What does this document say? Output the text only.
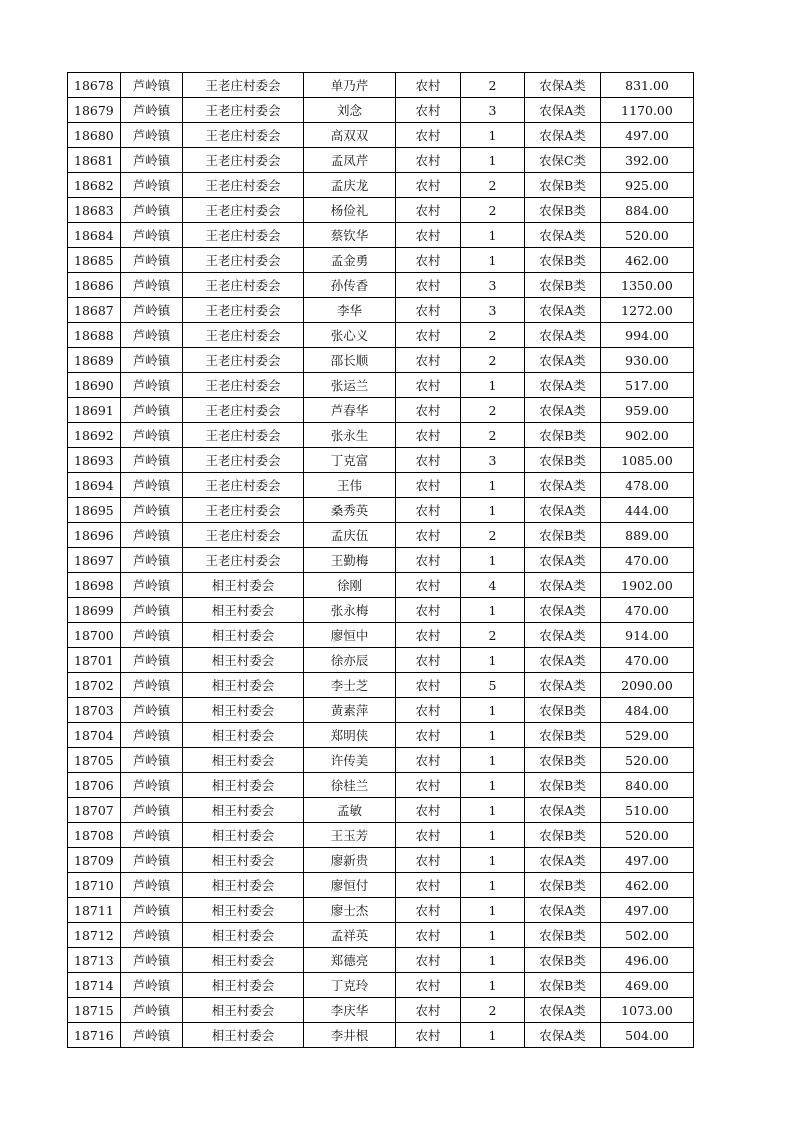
18678	芦岭镇	王老庄村委会	单乃芹	农村	2	农保A类	831.00
18679	芦岭镇	王老庄村委会	刘念	农村	3	农保A类	1170.00
18680	芦岭镇	王老庄村委会	高双双	农村	1	农保A类	497.00
18681	芦岭镇	王老庄村委会	孟凤芹	农村	1	农保C类	392.00
18682	芦岭镇	王老庄村委会	孟庆龙	农村	2	农保B类	925.00
18683	芦岭镇	王老庄村委会	杨俭礼	农村	2	农保B类	884.00
18684	芦岭镇	王老庄村委会	蔡钦华	农村	1	农保A类	520.00
18685	芦岭镇	王老庄村委会	孟金勇	农村	1	农保B类	462.00
18686	芦岭镇	王老庄村委会	孙传香	农村	3	农保B类	1350.00
18687	芦岭镇	王老庄村委会	李华	农村	3	农保A类	1272.00
18688	芦岭镇	王老庄村委会	张心义	农村	2	农保A类	994.00
18689	芦岭镇	王老庄村委会	邵长顺	农村	2	农保A类	930.00
18690	芦岭镇	王老庄村委会	张运兰	农村	1	农保A类	517.00
18691	芦岭镇	王老庄村委会	芦春华	农村	2	农保A类	959.00
18692	芦岭镇	王老庄村委会	张永生	农村	2	农保B类	902.00
18693	芦岭镇	王老庄村委会	丁克富	农村	3	农保B类	1085.00
18694	芦岭镇	王老庄村委会	王伟	农村	1	农保A类	478.00
18695	芦岭镇	王老庄村委会	桑秀英	农村	1	农保A类	444.00
18696	芦岭镇	王老庄村委会	孟庆伍	农村	2	农保B类	889.00
18697	芦岭镇	王老庄村委会	王勤梅	农村	1	农保A类	470.00
18698	芦岭镇	相王村委会	徐刚	农村	4	农保A类	1902.00
18699	芦岭镇	相王村委会	张永梅	农村	1	农保A类	470.00
18700	芦岭镇	相王村委会	廖恒中	农村	2	农保A类	914.00
18701	芦岭镇	相王村委会	徐亦辰	农村	1	农保A类	470.00
18702	芦岭镇	相王村委会	李士芝	农村	5	农保A类	2090.00
18703	芦岭镇	相王村委会	黄素萍	农村	1	农保B类	484.00
18704	芦岭镇	相王村委会	郑明侠	农村	1	农保B类	529.00
18705	芦岭镇	相王村委会	许传美	农村	1	农保B类	520.00
18706	芦岭镇	相王村委会	徐桂兰	农村	1	农保B类	840.00
18707	芦岭镇	相王村委会	孟敏	农村	1	农保A类	510.00
18708	芦岭镇	相王村委会	王玉芳	农村	1	农保B类	520.00
18709	芦岭镇	相王村委会	廖新贵	农村	1	农保A类	497.00
18710	芦岭镇	相王村委会	廖恒付	农村	1	农保B类	462.00
18711	芦岭镇	相王村委会	廖士杰	农村	1	农保A类	497.00
18712	芦岭镇	相王村委会	孟祥英	农村	1	农保B类	502.00
18713	芦岭镇	相王村委会	郑德亮	农村	1	农保B类	496.00
18714	芦岭镇	相王村委会	丁克玲	农村	1	农保B类	469.00
18715	芦岭镇	相王村委会	李庆华	农村	2	农保A类	1073.00
18716	芦岭镇	相王村委会	李井根	农村	1	农保A类	504.00
